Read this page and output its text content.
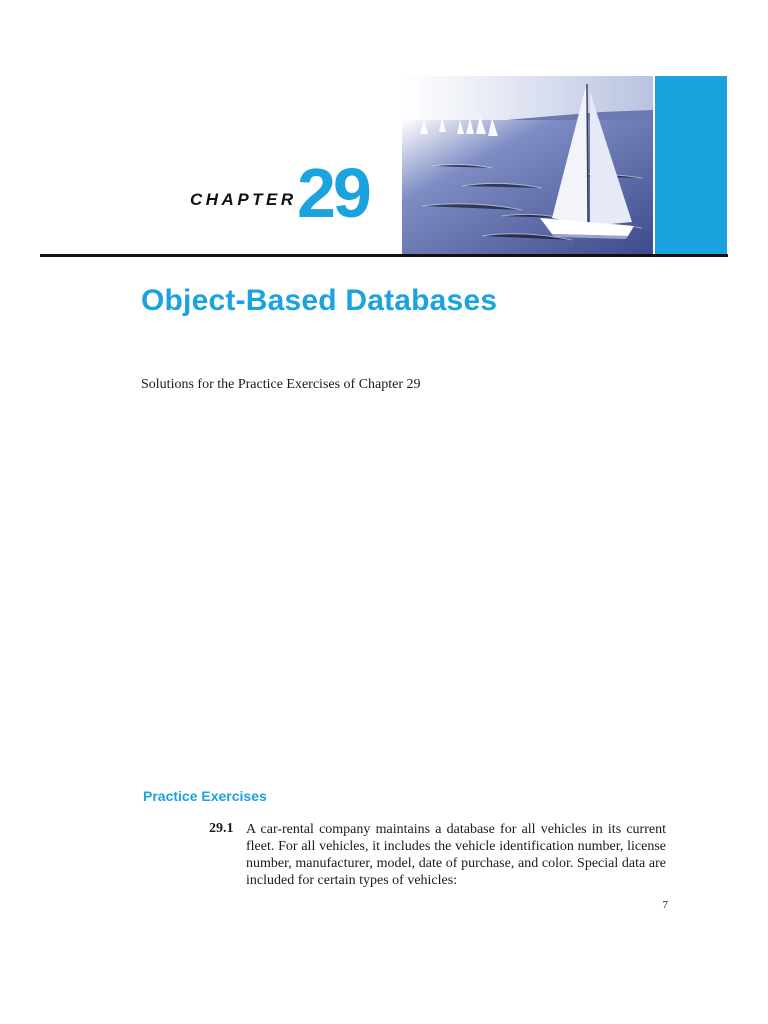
CHAPTER 29
Object-Based Databases

Solutions for the Practice Exercises of Chapter 29

Practice Exercises
29.1 A car-rental company maintains a database for all vehicles in its current fleet. For all vehicles, it includes the vehicle identification number, license number, manufacturer, model, date of purchase, and color. Special data are included for certain types of vehicles:

7
